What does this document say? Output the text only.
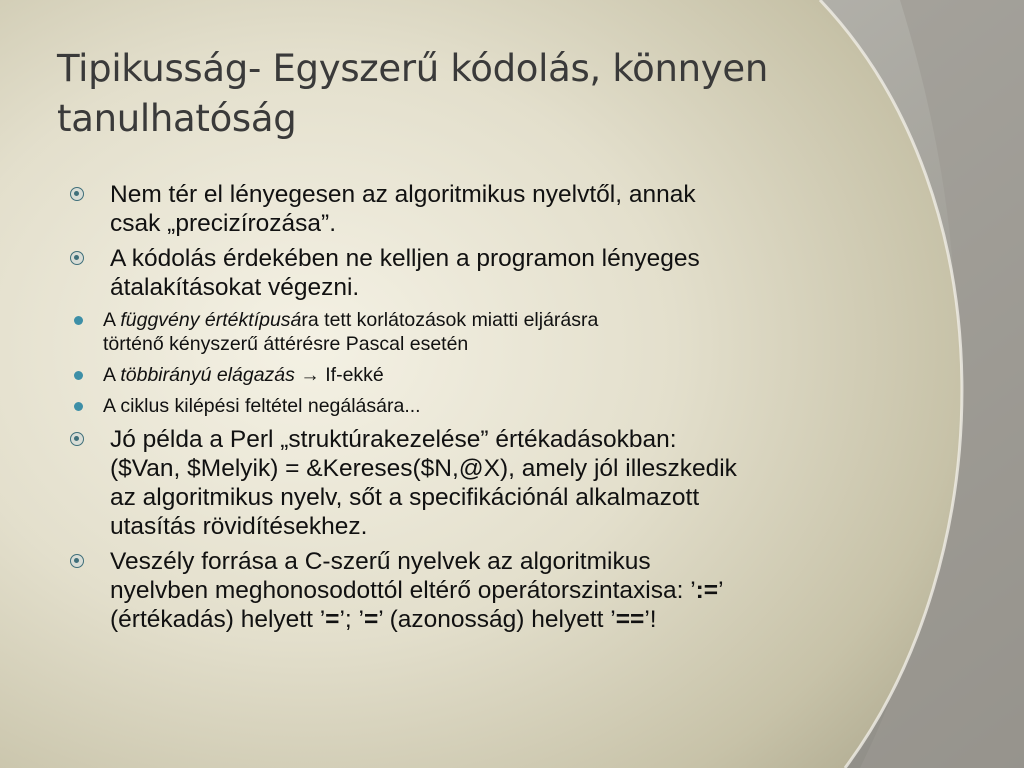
Tipikusság- Egyszerű kódolás, könnyen
tanulhatóság
Nem tér el lényegesen az algoritmikus nyelvtől, annak
csak „precizírozása”.
A kódolás érdekében ne kelljen a programon lényeges
átalakításokat végezni.
A függvény értéktípusára tett korlátozások miatti eljárásra
történő kényszerű áttérésre Pascal esetén
A többirányú elágazás → If-ekké
A ciklus kilépési feltétel negálására...
Jó példa a Perl „struktúrakezelése” értékadásokban:
($Van, $Melyik) = &Kereses($N,@X), amely jól illeszkedik
az algoritmikus nyelv, sőt a specifikációnál alkalmazott
utasítás rövidítésekhez.
Veszély forrása a C-szerű nyelvek az algoritmikus
nyelvben meghonosodottól eltérő operátorszintaxisa: ’:=’
(értékadás) helyett ’=’; ’=’ (azonosság) helyett ’==’!
